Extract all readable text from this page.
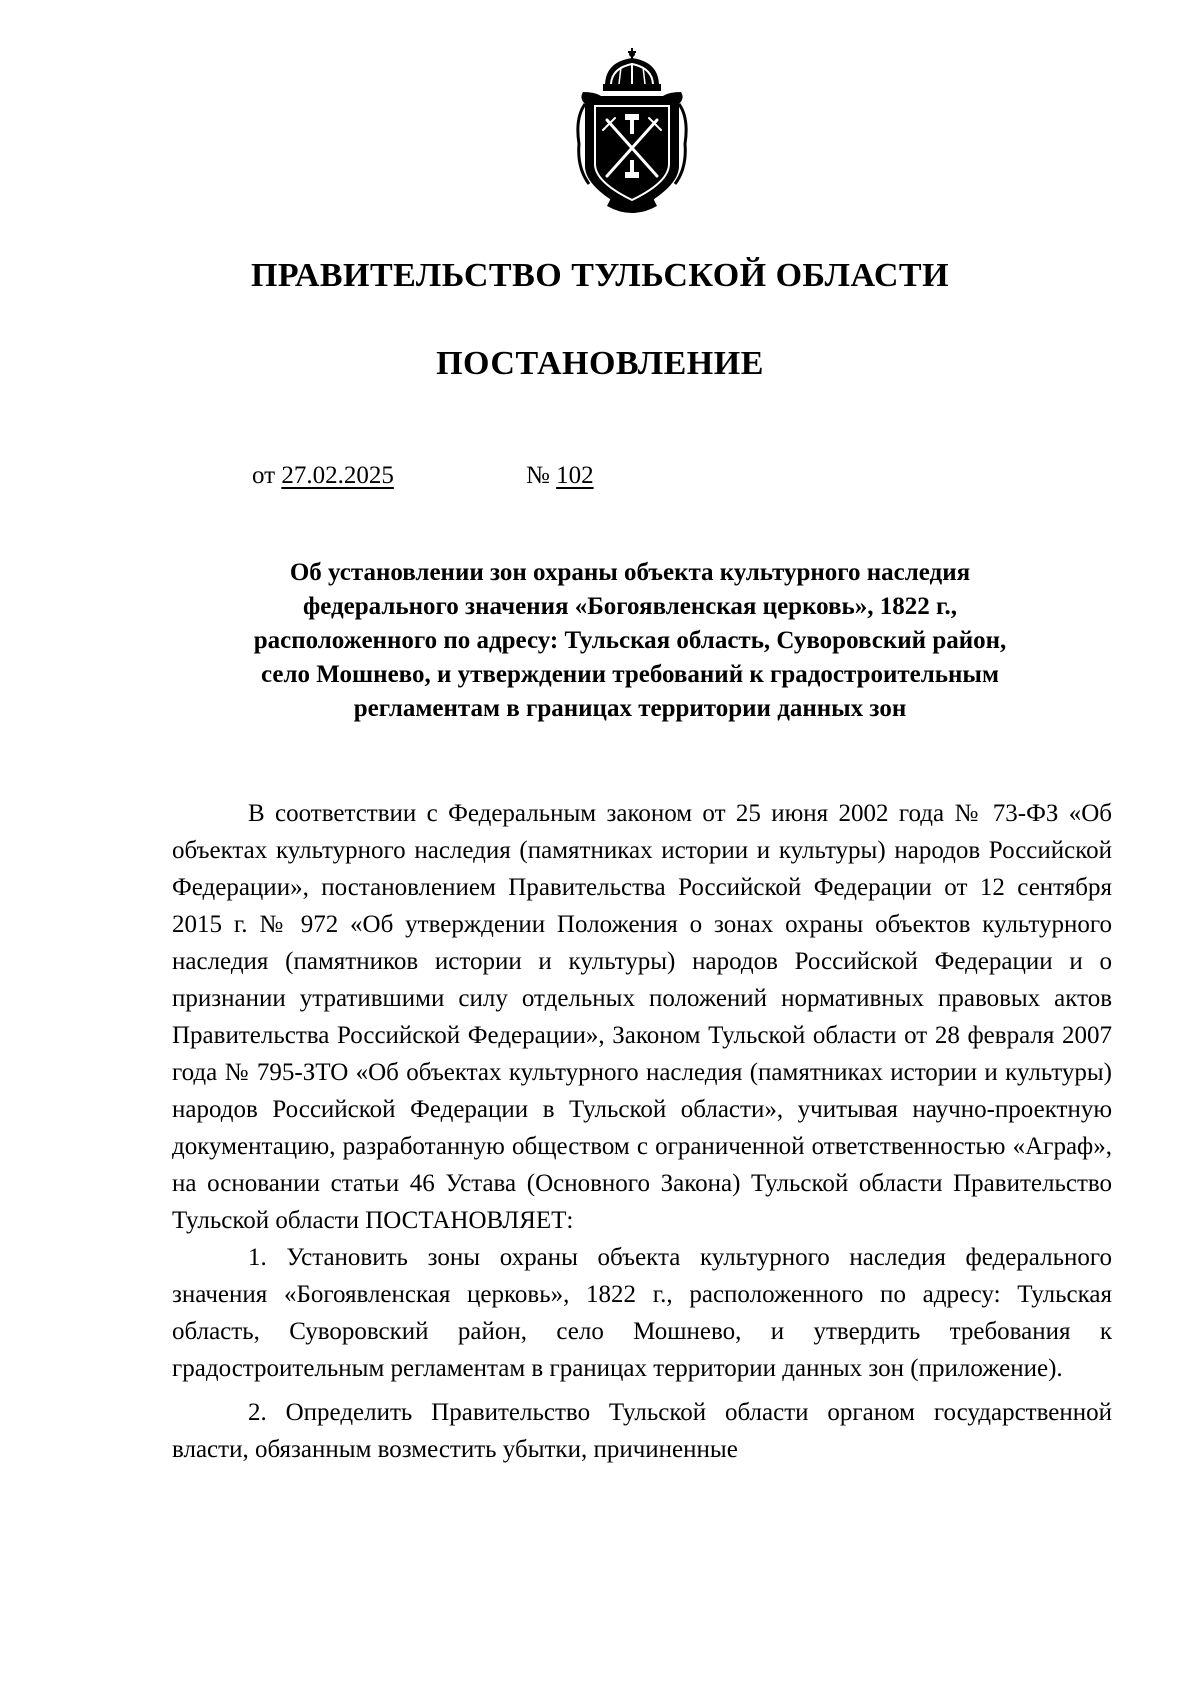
ПРАВИТЕЛЬСТВО ТУЛЬСКОЙ ОБЛАСТИ
ПОСТАНОВЛЕНИЕ
от 27.02.2025	№ 102
Об установлении зон охраны объекта культурного наследия
федерального значения «Богоявленская церковь», 1822 г.,
расположенного по адресу: Тульская область, Суворовский район,
село Мошнево, и утверждении требований к градостроительным
регламентам в границах территории данных зон

В соответствии с Федеральным законом от 25 июня 2002 года № 73-ФЗ «Об объектах культурного наследия (памятниках истории и культуры) народов Российской Федерации», постановлением Правительства Российской Федерации от 12 сентября 2015 г. № 972 «Об утверждении Положения о зонах охраны объектов культурного наследия (памятников истории и культуры) народов Российской Федерации и о признании утратившими силу отдельных положений нормативных правовых актов Правительства Российской Федерации», Законом Тульской области от 28 февраля 2007 года № 795-ЗТО «Об объектах культурного наследия (памятниках истории и культуры) народов Российской Федерации в Тульской области», учитывая научно-проектную документацию, разработанную обществом с ограниченной ответственностью «Аграф», на основании статьи 46 Устава (Основного Закона) Тульской области Правительство Тульской области ПОСТАНОВЛЯЕТ:

1. Установить зоны охраны объекта культурного наследия федерального значения «Богоявленская церковь», 1822 г., расположенного по адресу: Тульская область, Суворовский район, село Мошнево, и утвердить требования к градостроительным регламентам в границах территории данных зон (приложение).

2. Определить Правительство Тульской области органом государственной власти, обязанным возместить убытки, причиненные
